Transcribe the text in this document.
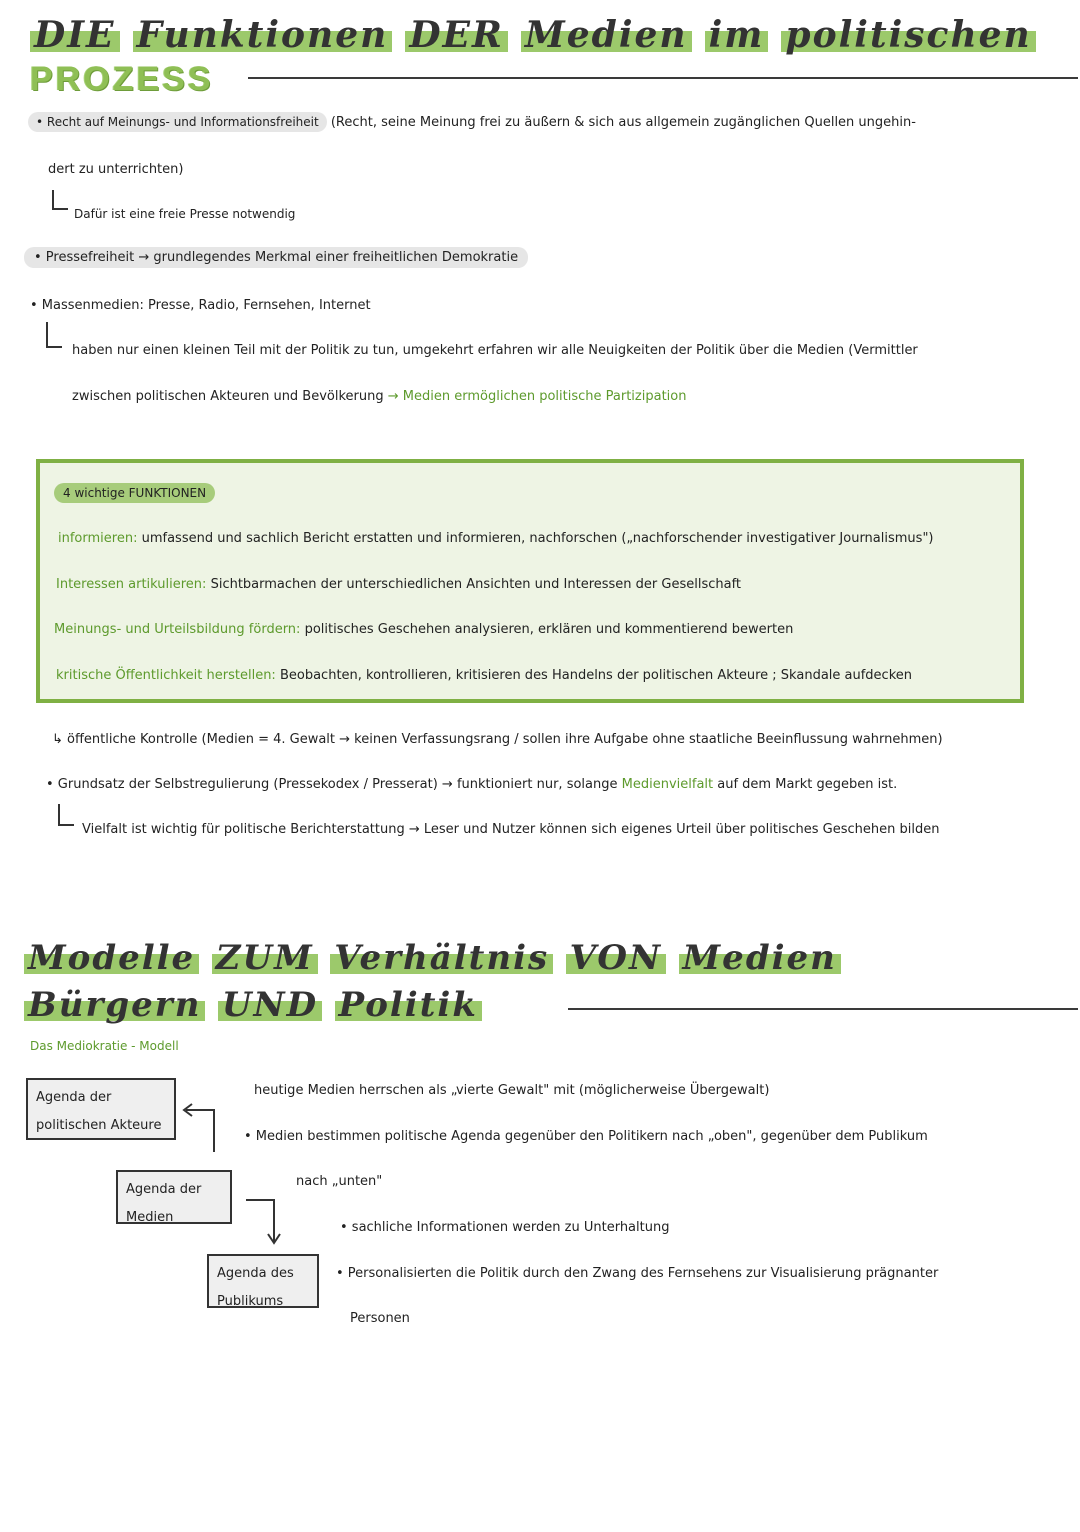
DIE Funktionen DER Medien im politischen
PROZESS
• Recht auf Meinungs- und Informationsfreiheit (Recht, seine Meinung frei zu äußern & sich aus allgemein zugänglichen Quellen ungehin-
dert zu unterrichten)
Dafür ist eine freie Presse notwendig
• Pressefreiheit → grundlegendes Merkmal einer freiheitlichen Demokratie
• Massenmedien: Presse, Radio, Fernsehen, Internet
haben nur einen kleinen Teil mit der Politik zu tun, umgekehrt erfahren wir alle Neuigkeiten der Politik über die Medien (Vermittler
zwischen politischen Akteuren und Bevölkerung → Medien ermöglichen politische Partizipation
4 wichtige FUNKTIONEN
informieren: umfassend und sachlich Bericht erstatten und informieren, nachforschen („nachforschender investigativer Journalismus")
Interessen artikulieren: Sichtbarmachen der unterschiedlichen Ansichten und Interessen der Gesellschaft
Meinungs- und Urteilsbildung fördern: politisches Geschehen analysieren, erklären und kommentierend bewerten
kritische Öffentlichkeit herstellen: Beobachten, kontrollieren, kritisieren des Handelns der politischen Akteure ; Skandale aufdecken
↳ öffentliche Kontrolle (Medien = 4. Gewalt → keinen Verfassungsrang / sollen ihre Aufgabe ohne staatliche Beeinflussung wahrnehmen)
• Grundsatz der Selbstregulierung (Pressekodex / Presserat) → funktioniert nur, solange Medienvielfalt auf dem Markt gegeben ist.
Vielfalt ist wichtig für politische Berichterstattung → Leser und Nutzer können sich eigenes Urteil über politisches Geschehen bilden
Modelle ZUM Verhältnis VON Medien
Bürgern UND Politik
Das Mediokratie - Modell
Agenda der politischen Akteure
Agenda der Medien
Agenda des Publikums
heutige Medien herrschen als „vierte Gewalt" mit (möglicherweise Übergewalt)
• Medien bestimmen politische Agenda gegenüber den Politikern nach „oben", gegenüber dem Publikum
nach „unten"
• sachliche Informationen werden zu Unterhaltung
• Personalisierten die Politik durch den Zwang des Fernsehens zur Visualisierung prägnanter
Personen
